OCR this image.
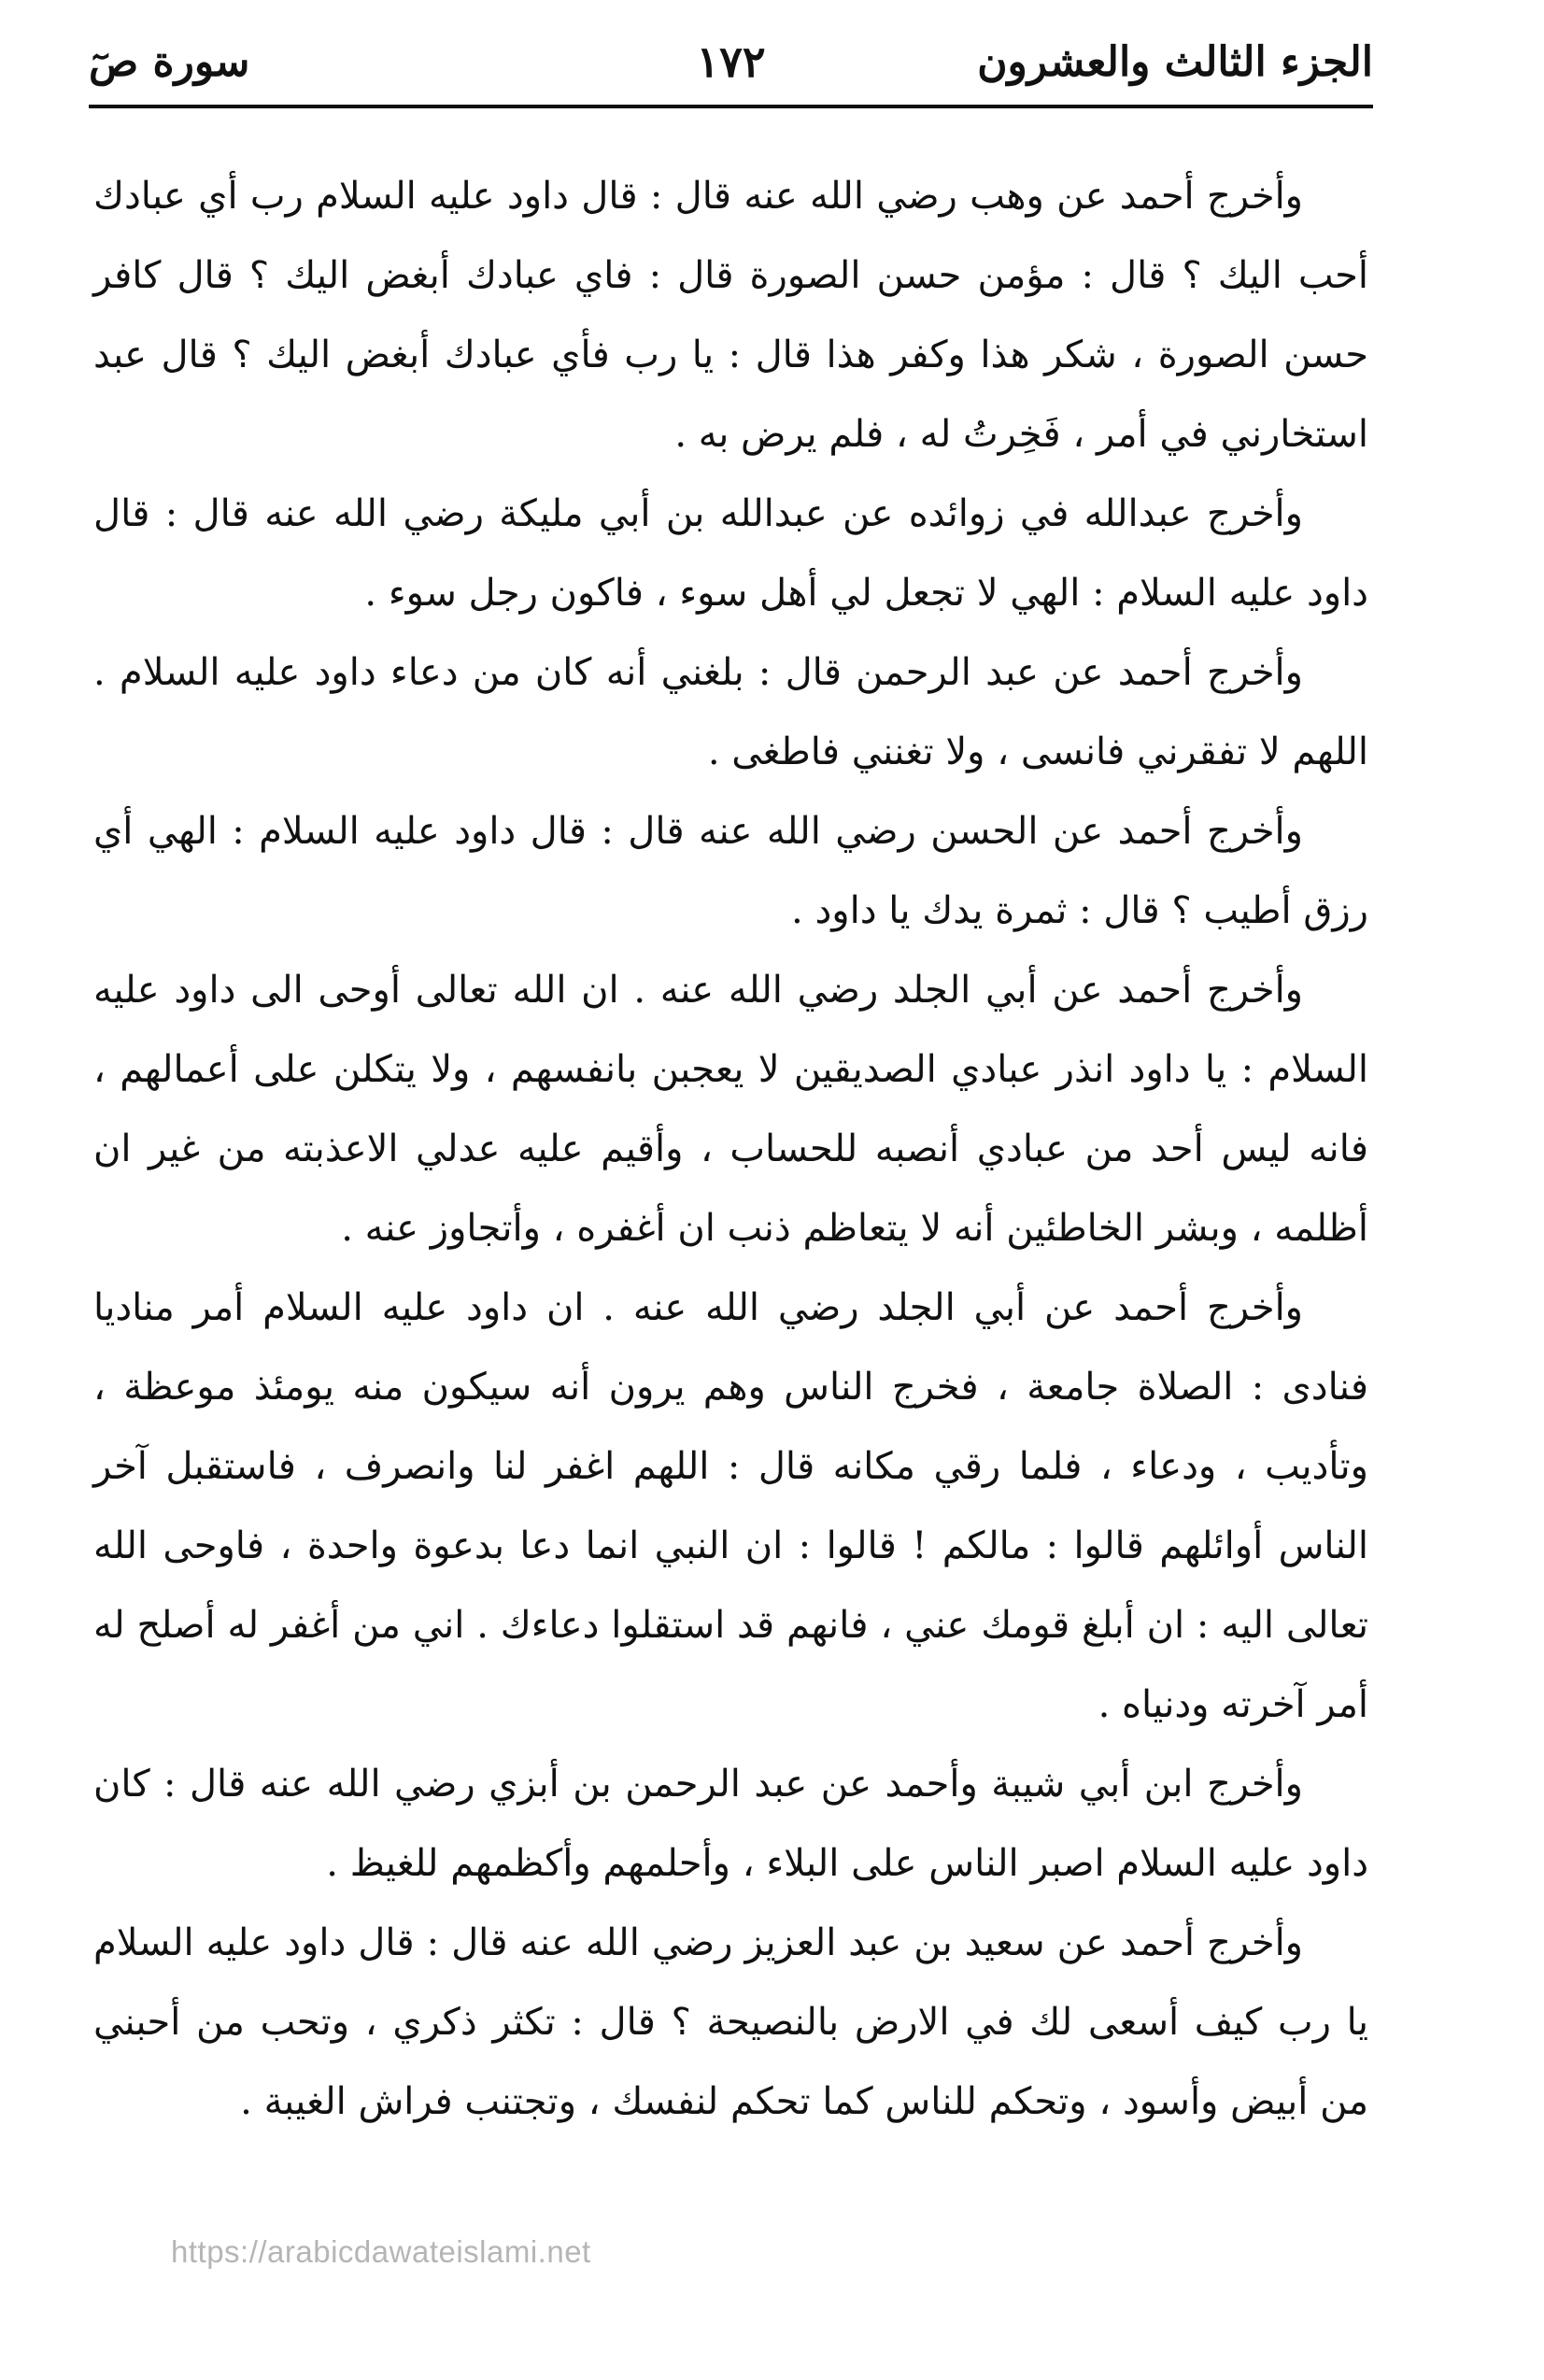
الجزء الثالث والعشرون
١٧٢
سورة صٓ

وأخرج أحمد عن وهب رضي الله عنه قال : قال داود عليه السلام رب أي عبادك أحب اليك ؟ قال : مؤمن حسن الصورة قال : فاي عبادك أبغض اليك ؟ قال كافر حسن الصورة ، شكر هذا وكفر هذا قال : يا رب فأي عبادك أبغض اليك ؟ قال عبد استخارني في أمر ، فَخِرتُ له ، فلم يرض به .

وأخرج عبدالله في زوائده عن عبدالله بن أبي مليكة رضي الله عنه قال : قال داود عليه السلام : الهي لا تجعل لي أهل سوء ، فاكون رجل سوء .

وأخرج أحمد عن عبد الرحمن قال : بلغني أنه كان من دعاء داود عليه السلام . اللهم لا تفقرني فانسى ، ولا تغنني فاطغى .

وأخرج أحمد عن الحسن رضي الله عنه قال : قال داود عليه السلام : الهي أي رزق أطيب ؟ قال : ثمرة يدك يا داود .

وأخرج أحمد عن أبي الجلد رضي الله عنه . ان الله تعالى أوحى الى داود عليه السلام : يا داود انذر عبادي الصديقين لا يعجبن بانفسهم ، ولا يتكلن على أعمالهم ، فانه ليس أحد من عبادي أنصبه للحساب ، وأقيم عليه عدلي الاعذبته من غير ان أظلمه ، وبشر الخاطئين أنه لا يتعاظم ذنب ان أغفره ، وأتجاوز عنه .

وأخرج أحمد عن أبي الجلد رضي الله عنه . ان داود عليه السلام أمر مناديا فنادى : الصلاة جامعة ، فخرج الناس وهم يرون أنه سيكون منه يومئذ موعظة ، وتأديب ، ودعاء ، فلما رقي مكانه قال : اللهم اغفر لنا وانصرف ، فاستقبل آخر الناس أوائلهم قالوا : مالكم ! قالوا : ان النبي انما دعا بدعوة واحدة ، فاوحى الله تعالى اليه : ان أبلغ قومك عني ، فانهم قد استقلوا دعاءك . اني من أغفر له أصلح له أمر آخرته ودنياه .

وأخرج ابن أبي شيبة وأحمد عن عبد الرحمن بن أبزي رضي الله عنه قال : كان داود عليه السلام اصبر الناس على البلاء ، وأحلمهم وأكظمهم للغيظ .

وأخرج أحمد عن سعيد بن عبد العزيز رضي الله عنه قال : قال داود عليه السلام يا رب كيف أسعى لك في الارض بالنصيحة ؟ قال : تكثر ذكري ، وتحب من أحبني من أبيض وأسود ، وتحكم للناس كما تحكم لنفسك ، وتجتنب فراش الغيبة .

https://arabicdawateislami.net
